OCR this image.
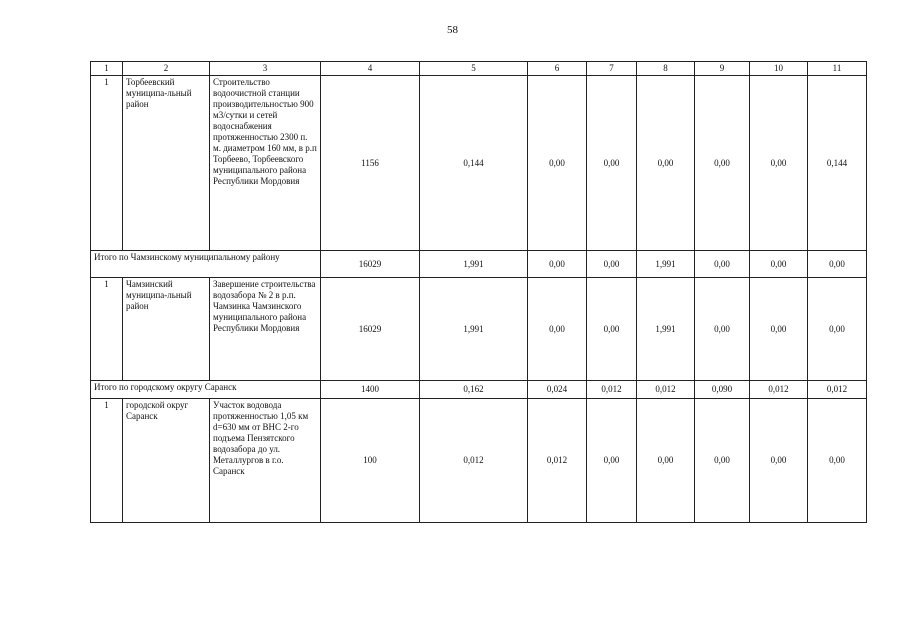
58
1	2	3	4	5	6	7	8	9	10	11
1	Торбеевский муниципа-льный район	Строительство водоочистной станции производительностью 900 м3/сутки и сетей водоснабжения протяженностью 2300 п. м. диаметром 160 мм, в р.п Торбеево, Торбеевского муниципального района Республики Мордовия	1156	0,144	0,00	0,00	0,00	0,00	0,00	0,144
Итого по Чамзинскому муниципальному району			16029	1,991	0,00	0,00	1,991	0,00	0,00	0,00
1	Чамзинский муниципа-льный район	Завершение строительства водозабора № 2 в р.п. Чамзинка Чамзинского муниципального района Республики Мордовия	16029	1,991	0,00	0,00	1,991	0,00	0,00	0,00
Итого по городскому округу Саранск			1400	0,162	0,024	0,012	0,012	0,090	0,012	0,012
1	городской округ Саранск	Участок водовода протяженностью 1,05 км d=630 мм от ВНС 2-го подъема Пензятского водозабора до ул. Металлургов в г.о. Саранск	100	0,012	0,012	0,00	0,00	0,00	0,00	0,00
